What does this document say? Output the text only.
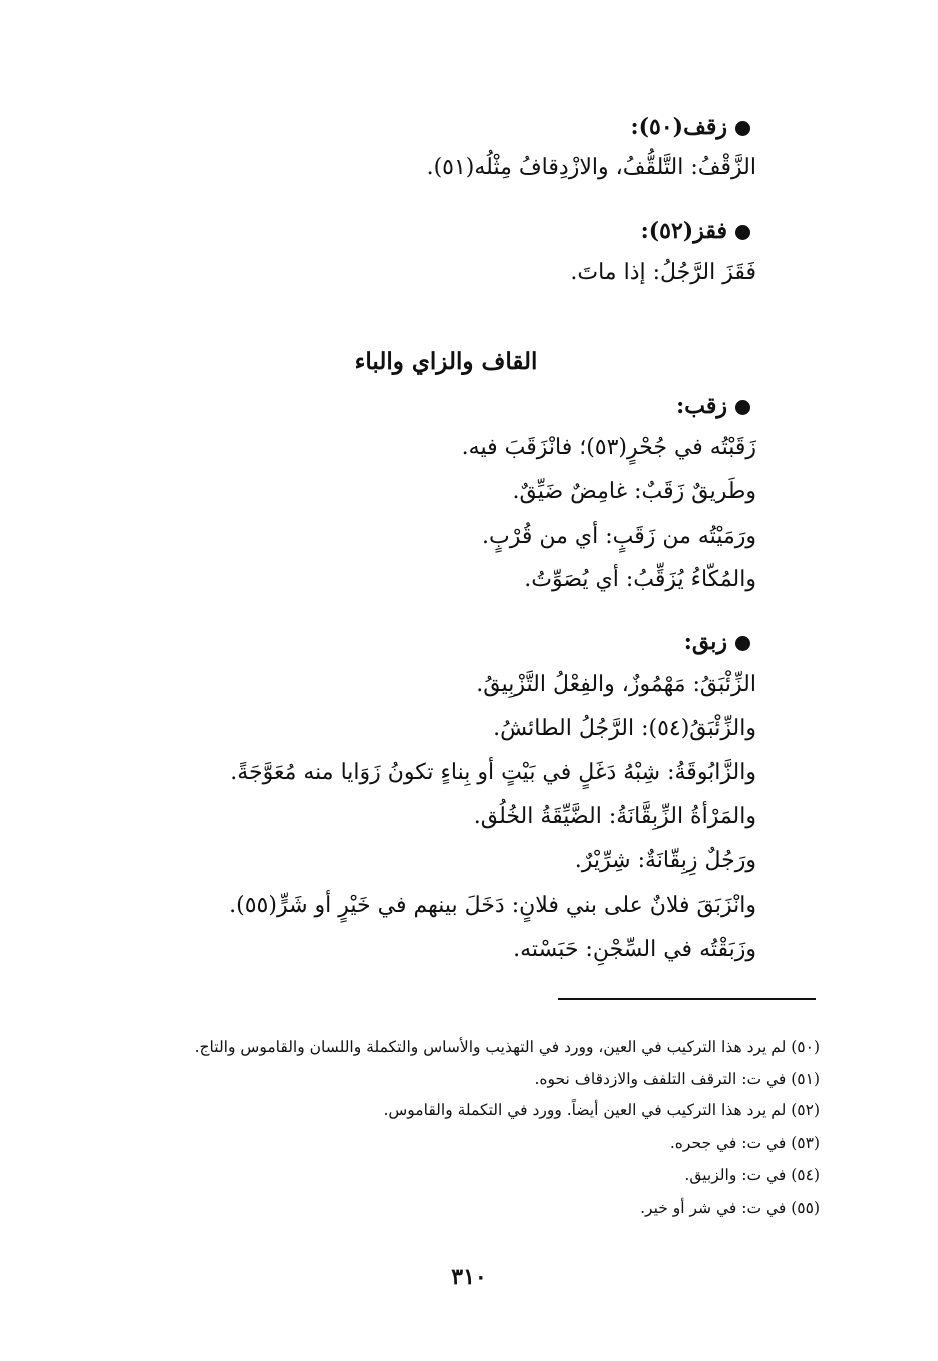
زقف(٥٠):
الزَّقْفُ: التَّلقُّفُ، والازْدِقافُ مِثْلُه(٥١).
فقز(٥٢):
فَقَزَ الرَّجُلُ: إذا ماتَ.
القاف والزاي والباء
زقب:
زَقَبْتُه في جُحْرٍ(٥٣)؛ فانْزَقَبَ فيه.
وطَريقٌ زَقَبٌ: غامِضٌ ضَيِّقٌ.
ورَمَيْتُه من زَقَبٍ: أي من قُرْبٍ.
والمُكّاءُ يُزَقِّبُ: أي يُصَوِّتُ.
زبق:
الزِّئْبَقُ: مَهْمُوزٌ، والفِعْلُ التَّزْبِيقُ.
والزِّئْبَقُ(٥٤): الرَّجُلُ الطائشُ.
والزَّابُوقَةُ: شِبْهُ دَغَلٍ في بَيْتٍ أو بِناءٍ تكونُ زَوَايا منه مُعَوَّجَةً.
والمَرْأةُ الزِّبِقَّانَةُ: الضَّيِّقَةُ الخُلُق.
ورَجُلٌ زِبِقّانَةٌ: شِرِّيْرٌ.
وانْزَبَقَ فلانٌ على بني فلانٍ: دَخَلَ بينهم في خَيْرٍ أو شَرٍّ(٥٥).
وزَبَقْتُه في السِّجْنِ: حَبَسْته.
(٥٠) لم يرد هذا التركيب في العين، وورد في التهذيب والأساس والتكملة واللسان والقاموس والتاج.
(٥١) في ت: الترقف التلفف والازدقاف نحوه.
(٥٢) لم يرد هذا التركيب في العين أيضاً. وورد في التكملة والقاموس.
(٥٣) في ت: في جحره.
(٥٤) في ت: والزبيق.
(٥٥) في ت: في شر أو خير.
٣١٠
